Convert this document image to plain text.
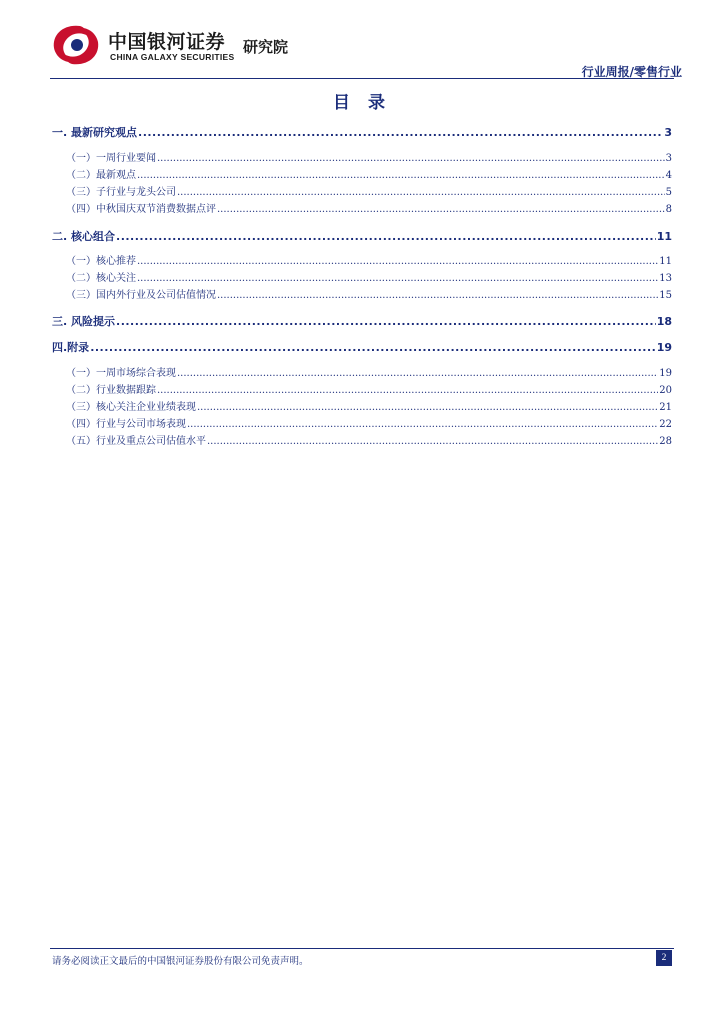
中国银河证券
CHINA GALAXY SECURITIES
研究院
行业周报/零售行业
目 录
一. 最新研究观点 .....	3
（一）一周行业要闻 .....	3
（二）最新观点 .....	4
（三）子行业与龙头公司 .....	5
（四）中秋国庆双节消费数据点评 .....	8
二. 核心组合 .....	11
（一）核心推荐 .....	11
（二）核心关注 .....	13
（三）国内外行业及公司估值情况 .....	15
三. 风险提示 .....	18
四.附录 .....	19
（一）一周市场综合表现 .....	19
（二）行业数据跟踪 .....	20
（三）核心关注企业业绩表现 .....	21
（四）行业与公司市场表现 .....	22
（五）行业及重点公司估值水平 .....	28
请务必阅读正文最后的中国银河证券股份有限公司免责声明。	2
